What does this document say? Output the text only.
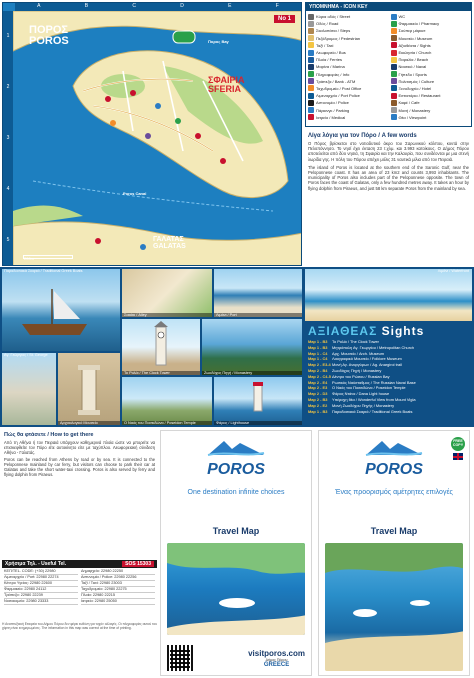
A	B	C	D	E	F
1
2
3
4
5
No 1
ΠΟΡΟΣ
POROS
ΣΦΑΙΡΙΑ
SFERIA
ΓΑΛΑΤΑΣ
GALATAS
Πορος Bay
Poros Canal
200m
ΥΠΟΜΝΗΜΑ - ICON KEY
Κύρια οδός / Street
Οδός / Road
Σκαλοπάτια / Steps
Πεζόδρομος / Pedestrian
Ταξί / Taxi
Λεωφορείο / Bus
Πλοία / Ferries
Μαρίνα / Marina
Πληροφορίες / Info
Τράπεζα / Bank - ATM
Ταχυδρομείο / Post Office
Λιμεναρχείο / Port Police
Αστυνομία / Police
Πάρκινγκ / Parking
Ιατρείο / Medical
WC
Φαρμακείο / Pharmacy
Σούπερ μάρκετ
Μουσείο / Museum
Αξιοθέατα / Sights
Εκκλησία / Church
Παραλία / Beach
Ναυτικό / Naval
Γήπεδο / Sports
Πολιτισμός / Culture
Ξενοδοχείο / Hotel
Εστιατόριο / Restaurant
Καφέ / Cafe
Μονή / Monastery
Θέα / Viewpoint
Λίγα λόγια για τον Πόρο / A few words

Ο Πόρος βρίσκεται στο νοτιοδυτικό άκρο του Σαρωνικού κόλπου, κοντά στην Πελοπόννησο. Το νησί έχει έκταση 23 τ.χλμ. και 3.993 κατοίκους. Ο Δήμος Πόρου αποτελείται από δύο νησιά, τη Σφαιρία και την Καλαυρία, που συνδέονται με μια στενή λωρίδα γης. Η πόλη του Πόρου απέχει μόλις 31 ναυτικά μίλια από τον Πειραιά.

The island of Poros is located at the southern end of the Saronic Gulf, near the Peloponnese coast. It has an area of 23 km2 and counts 3,993 inhabitants. The municipality of Poros also includes part of the Peloponnese opposite. The town of Poros faces the coast of Galatas, only a few hundred metres away. It takes an hour by flying dolphin from Piraeus, and just 58 km separate Poros from the mainland by sea.

Παραδοσιακά Σκαριά / Traditional Greek Boats
Σοκάκι / Alley	Λιμάνι / Port
Λιμάνι / Waterfront
Το Ρολόι / The Clock Tower	Ζωοδόχος Πηγή / Monastery
Αγ. Γεώργιος / St. George
Αρχαιολογικό Μουσείο	Ο Ναός του Ποσειδώνα / Poseidon Temple	Φάρος / Lighthouse
ΑΞΙΑΘΕΑΣ Sights
Map 1 - B3	Το Ρολόι / The Clock Tower
Map 1 - B3	Μητρόπολη Αγ. Γεωργίου / Metropolitan Church
Map 1 - C4	Αρχ. Μουσείο / Arch. Museum
Map 1 - C4	Λαογραφικό Μουσείο / Folklore Museum
Map 2 - E3-4 Μονή Αγ. Αναργύρων / Ag. Anargiroi trail
Map 2 - B4	Ζωοδόχος Πηγή / Monastery
Map 2 - C4-5 Δέντρο του Ρώσου / Russian Bay
Map 2 - E4	Ρωσικός Ναύσταθμος / The Russian Naval Base
Map 2 - E3	Ο Ναός του Ποσειδώνα / Poseidon Temple
Map 2 - D3	Φάρος Ντάνα / Dana Light house
Map 2 - B3	Υπέροχη θέα / Wonderful View from Mount Vigla
Map 2 - E2	Μονή Ζωοδόχου Πηγής / Monastery
Map 1 - B3	Παραδοσιακά Σκαριά / Traditional Greek Boats
Πώς θα φτάσετε / How to get there

Από τη Αθήνα ή τον Πειραιά υπάρχουν καθημερινά πλοία ώστε να μπορείτε να επισκεφθείτε τον Πόρο είτε αυτοκίνητο είτε με ταχύπλοο. Λεωφορειακή σύνδεση Αθήνα - Γαλατάς.

Poros can be reached from Athens by road or by sea. It is connected to the Peloponnese mainland by car ferry, but visitors can choose to park their car at Galatas and take the short water-taxi crossing. Poros is also served by ferry and flying dolphin from Piraeus.

Χρήσιμα Τηλ. - Useful Tel.	SOS 15303
ΚΕΠ/TEL. CODE: (+30) 22980	Δημαρχείο: 22980 22250
Λιμεναρχείο / Port: 22980 22274	Αστυνομία / Police: 22980 22256
Κέντρο Υγείας: 22980 22600	Ταξί / Taxi: 22980 23003
Φαρμακείο: 22980 24112	Ταχυδρομείο: 22980 22275
Τράπεζα: 22980 22239	Πλοία: 22980 22215
Νοσοκομείο: 22980 23333	Ιατρείο: 22980 25050
Η Αναπτυξιακή Εταιρεία του Δήμου Πόρου δεν φέρει ευθύνη για τυχόν αλλαγές. Οι πληροφορίες αυτού του χάρτη είναι ενημερωμένες. The information in this map was correct at the time of printing.
POROS
One destination infinite choices
Travel Map
visitporos.com
Δήμος Πόρου
GREECE
FREE COPY
POROS
Ένας προορισμός αμέτρητες επιλογές
Travel Map
